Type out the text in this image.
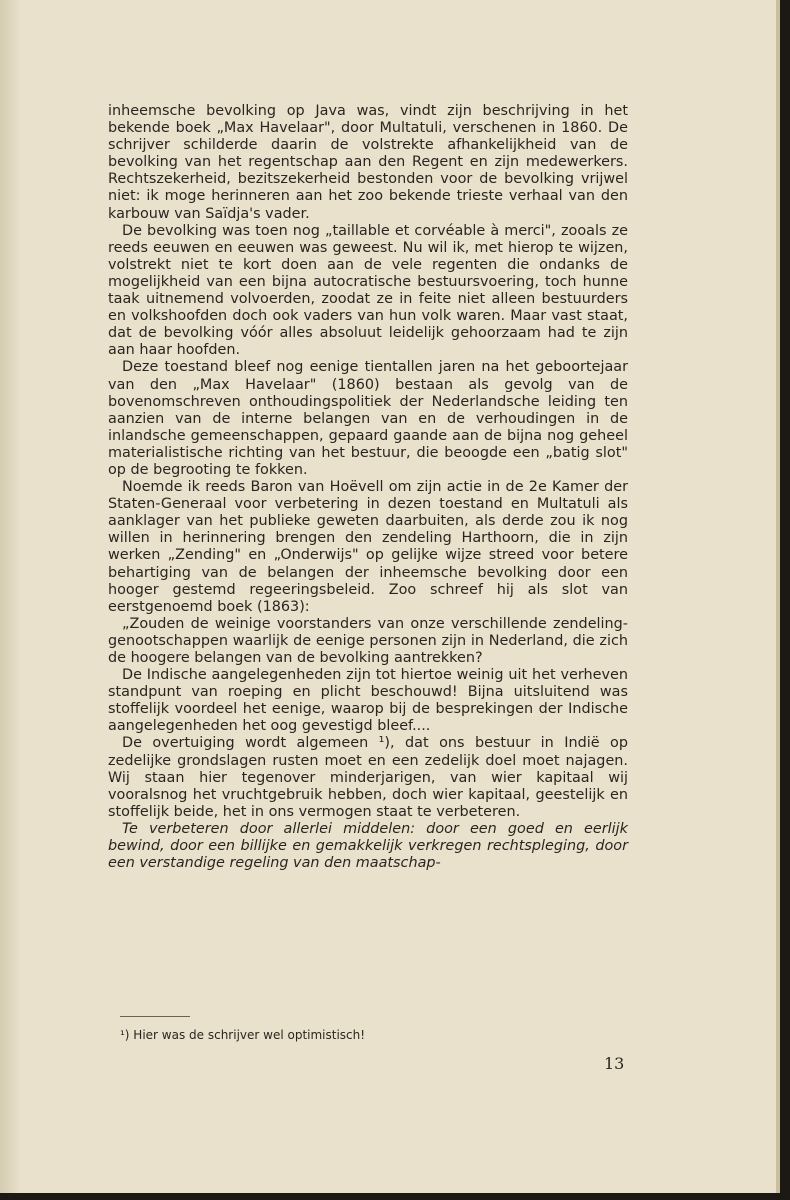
inheemsche bevolking op Java was, vindt zijn beschrijving in het bekende boek „Max Havelaar", door Multatuli, verschenen in 1860. De schrijver schilderde daarin de volstrekte afhankelijkheid van de bevolking van het regentschap aan den Regent en zijn medewerkers. Rechtszekerheid, bezitszekerheid bestonden voor de bevolking vrijwel niet: ik moge herinneren aan het zoo bekende trieste verhaal van den karbouw van Saïdja's vader.

De bevolking was toen nog „taillable et corvéable à merci", zooals ze reeds eeuwen en eeuwen was geweest. Nu wil ik, met hierop te wijzen, volstrekt niet te kort doen aan de vele regenten die ondanks de mogelijkheid van een bijna autocratische bestuursvoering, toch hunne taak uitnemend volvoerden, zoodat ze in feite niet alleen bestuurders en volkshoofden doch ook vaders van hun volk waren. Maar vast staat, dat de bevolking vóór alles absoluut leidelijk gehoorzaam had te zijn aan haar hoofden.

Deze toestand bleef nog eenige tientallen jaren na het geboortejaar van den „Max Havelaar" (1860) bestaan als gevolg van de bovenomschreven onthoudingspolitiek der Nederlandsche leiding ten aanzien van de interne belangen van en de verhoudingen in de inlandsche gemeenschappen, gepaard gaande aan de bijna nog geheel materialistische richting van het bestuur, die beoogde een „batig slot" op de begrooting te fokken.

Noemde ik reeds Baron van Hoëvell om zijn actie in de 2e Kamer der Staten-Generaal voor verbetering in dezen toestand en Multatuli als aanklager van het publieke geweten daarbuiten, als derde zou ik nog willen in herinnering brengen den zendeling Harthoorn, die in zijn werken „Zending" en „Onderwijs" op gelijke wijze streed voor betere behartiging van de belangen der inheemsche bevolking door een hooger gestemd regeeringsbeleid. Zoo schreef hij als slot van eerstgenoemd boek (1863):

„Zouden de weinige voorstanders van onze verschillende zendeling-genootschappen waarlijk de eenige personen zijn in Nederland, die zich de hoogere belangen van de bevolking aantrekken?

De Indische aangelegenheden zijn tot hiertoe weinig uit het verheven standpunt van roeping en plicht beschouwd! Bijna uitsluitend was stoffelijk voordeel het eenige, waarop bij de besprekingen der Indische aangelegenheden het oog gevestigd bleef....

De overtuiging wordt algemeen ¹), dat ons bestuur in Indië op zedelijke grondslagen rusten moet en een zedelijk doel moet najagen. Wij staan hier tegenover minderjarigen, van wier kapitaal wij vooralsnog het vruchtgebruik hebben, doch wier kapitaal, geestelijk en stoffelijk beide, het in ons vermogen staat te verbeteren.

Te verbeteren door allerlei middelen: door een goed en eerlijk bewind, door een billijke en gemakkelijk verkregen rechtspleging, door een verstandige regeling van den maatschap-

¹) Hier was de schrijver wel optimistisch!
13
